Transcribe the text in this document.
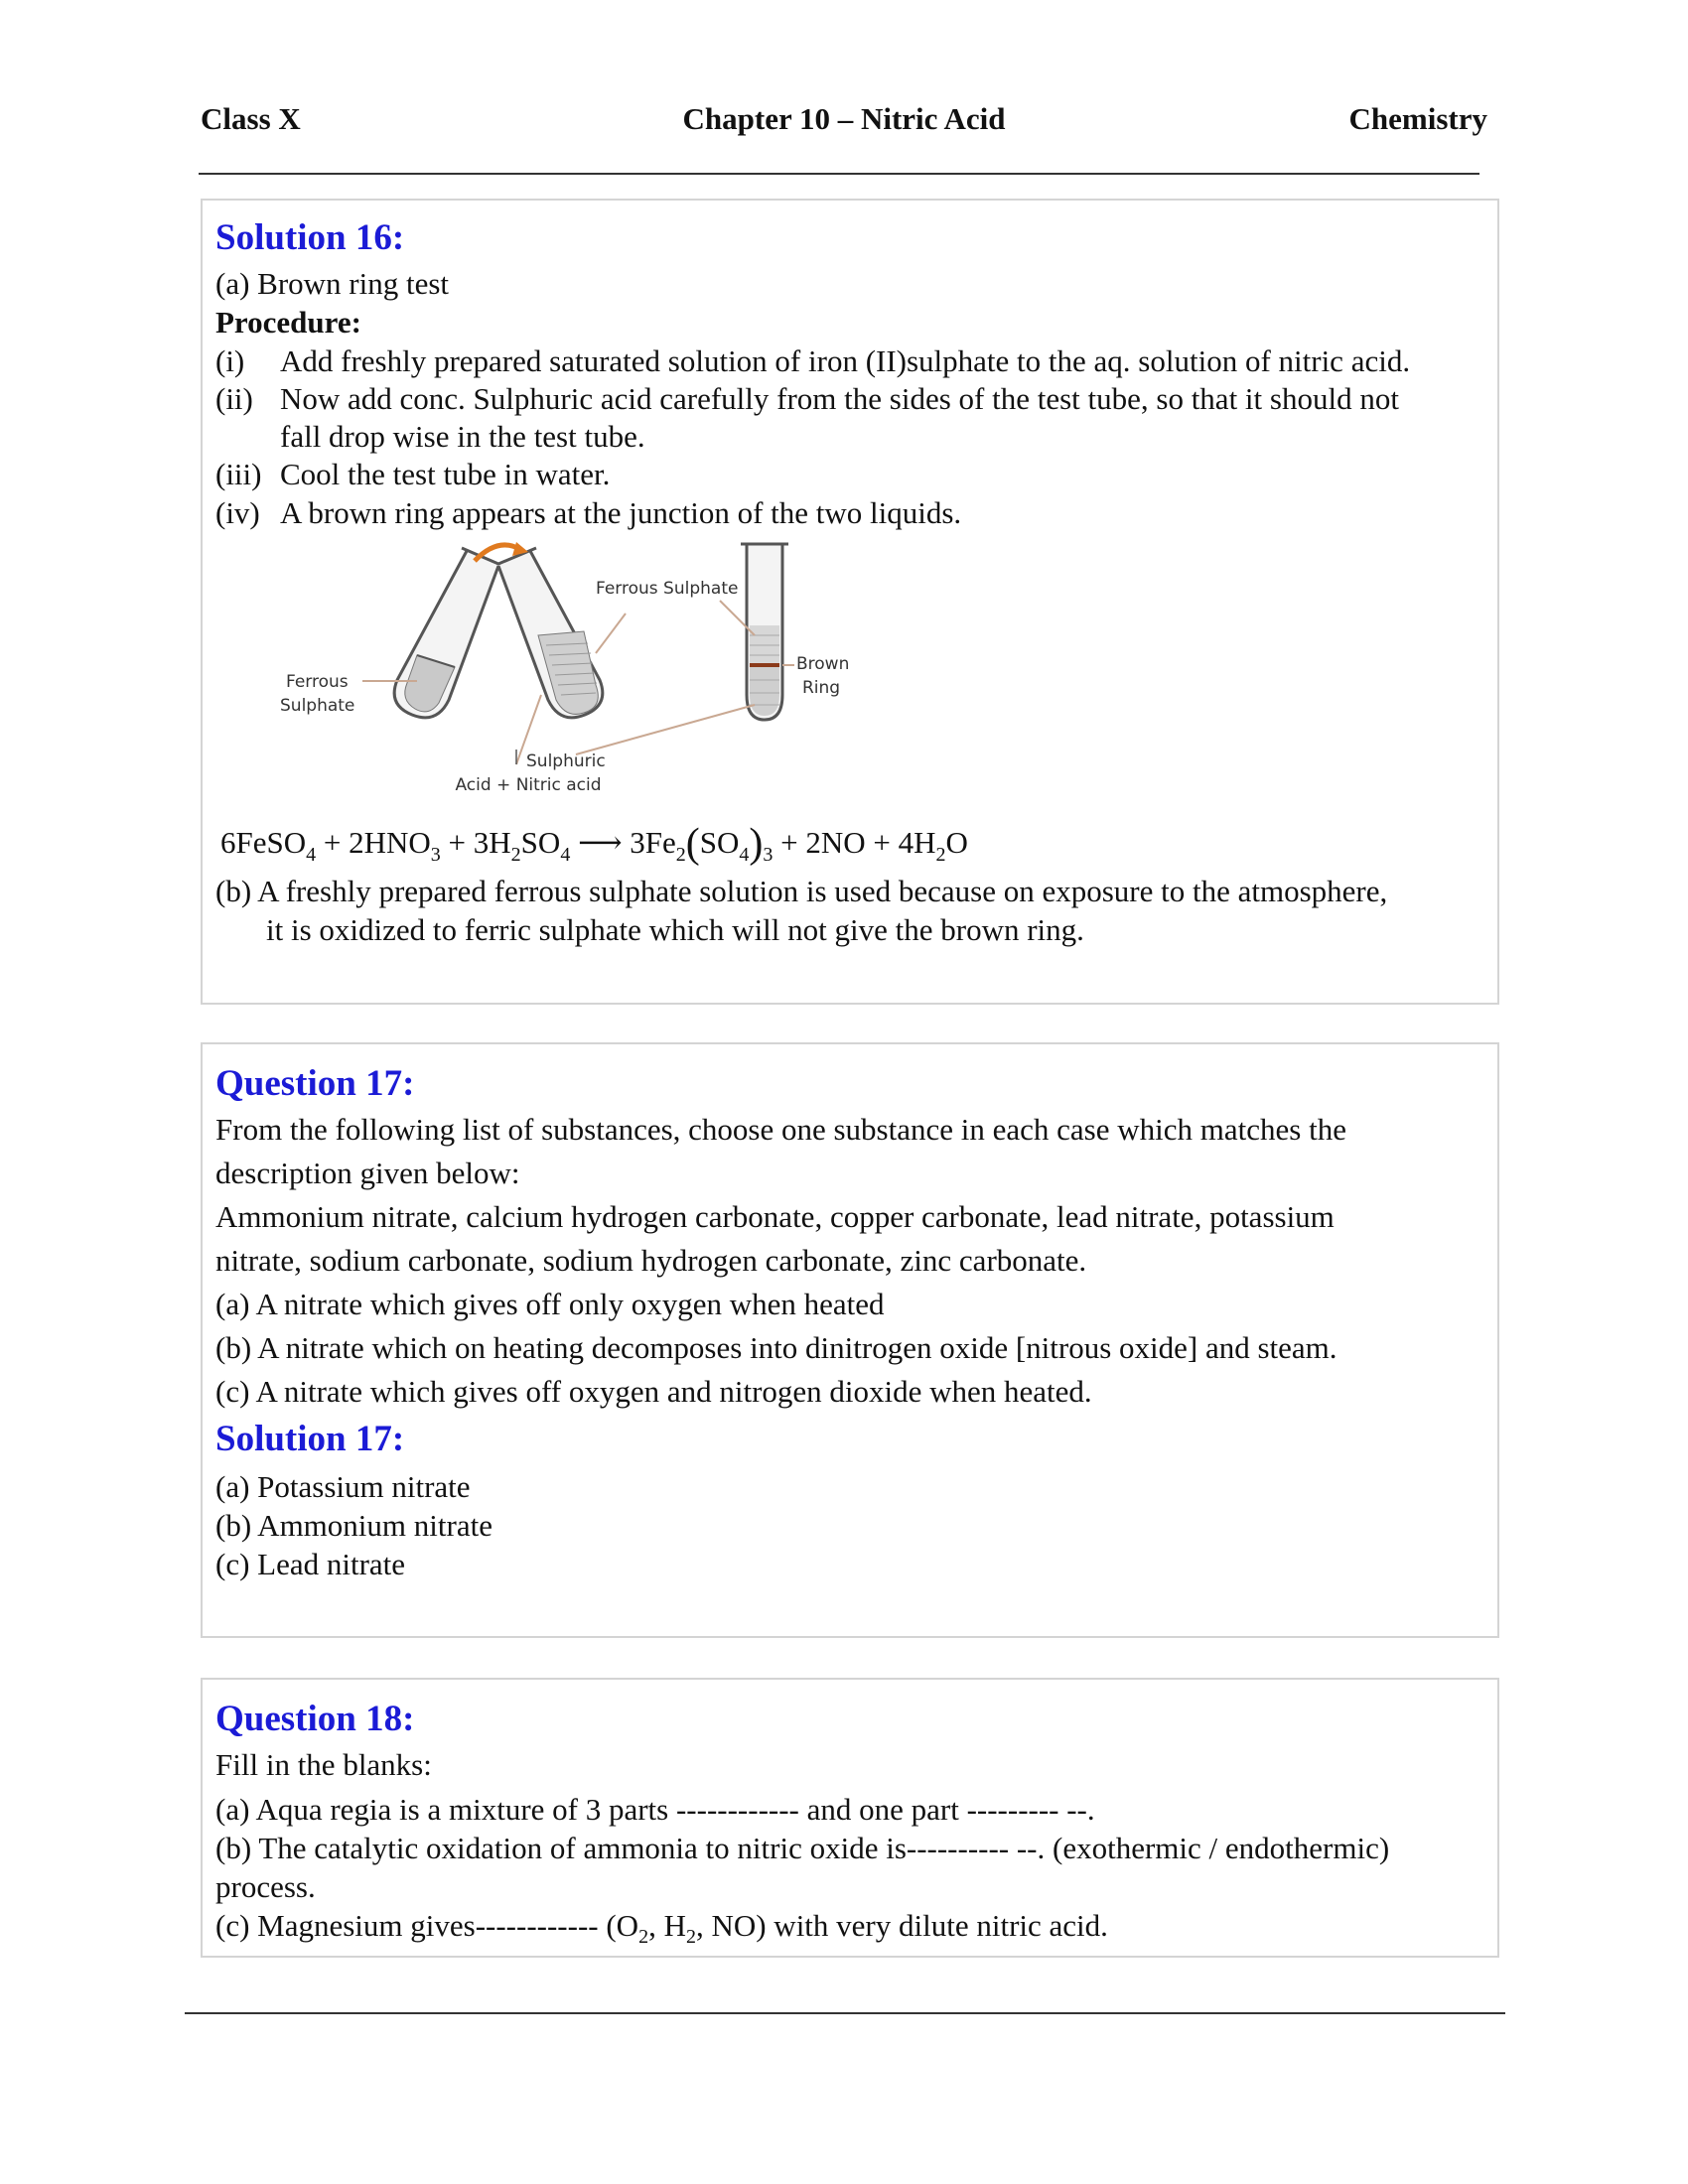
Class X	Chapter 10 – Nitric Acid	Chemistry
Solution 16:
(a) Brown ring test
Procedure:
(i) Add freshly prepared saturated solution of iron (II)sulphate to the aq. solution of nitric acid.
(ii) Now add conc. Sulphuric acid carefully from the sides of the test tube, so that it should not
fall drop wise in the test tube.
(iii) Cool the test tube in water.
(iv) A brown ring appears at the junction of the two liquids.
Ferrous Sulphate
Ferrous
Sulphate
Sulphuric
Acid + Nitric acid
Brown
Ring
6FeSO$_4$ + $2HNO_3 + 3H_2SO_4$ ⟶ $3Fe_2(SO_4)_3 + 2NO + 4H_2O$
(b) A freshly prepared ferrous sulphate solution is used because on exposure to the atmosphere,
it is oxidized to ferric sulphate which will not give the brown ring.
Question 17:
From the following list of substances, choose one substance in each case which matches the
description given below:
Ammonium nitrate, calcium hydrogen carbonate, copper carbonate, lead nitrate, potassium
nitrate, sodium carbonate, sodium hydrogen carbonate, zinc carbonate.
(a) A nitrate which gives off only oxygen when heated
(b) A nitrate which on heating decomposes into dinitrogen oxide [nitrous oxide] and steam.
(c) A nitrate which gives off oxygen and nitrogen dioxide when heated.
Solution 17:
(a) Potassium nitrate
(b) Ammonium nitrate
(c) Lead nitrate
Question 18:
Fill in the blanks:
(a) Aqua regia is a mixture of 3 parts ------------ and one part --------- --.
(b) The catalytic oxidation of ammonia to nitric oxide is---------- --. (exothermic / endothermic)
process.
(c) Magnesium gives------------ ($O_2$, $H_2$, NO) with very dilute nitric acid.
